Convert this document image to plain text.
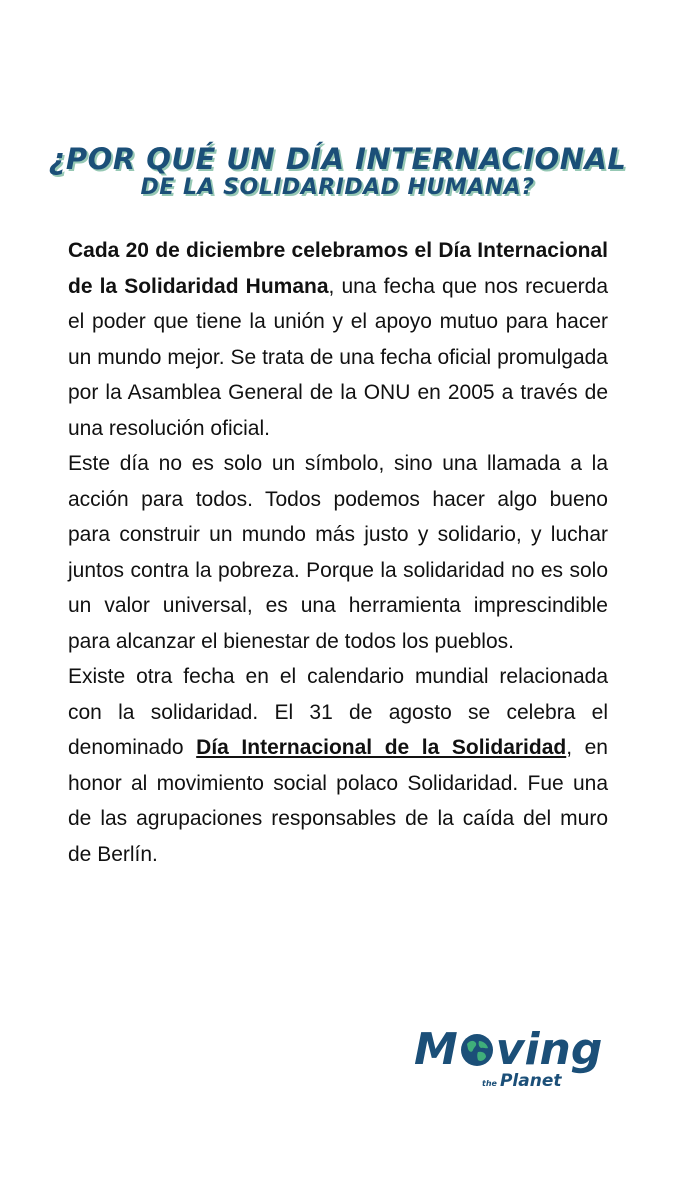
¿POR QUÉ UN DÍA INTERNACIONAL
DE LA SOLIDARIDAD HUMANA?

Cada 20 de diciembre celebramos el Día Internacional de la Solidaridad Humana, una fecha que nos recuerda el poder que tiene la unión y el apoyo mutuo para hacer un mundo mejor. Se trata de una fecha oficial promulgada por la Asamblea General de la ONU en 2005 a través de una resolución oficial.

Este día no es solo un símbolo, sino una llamada a la acción para todos. Todos podemos hacer algo bueno para construir un mundo más justo y solidario, y luchar juntos contra la pobreza. Porque la solidaridad no es solo un valor universal, es una herramienta imprescindible para alcanzar el bienestar de todos los pueblos.

Existe otra fecha en el calendario mundial relacionada con la solidaridad. El 31 de agosto se celebra el denominado Día Internacional de la Solidaridad, en honor al movimiento social polaco Solidaridad. Fue una de las agrupaciones responsables de la caída del muro de Berlín.

M ving
the Planet
